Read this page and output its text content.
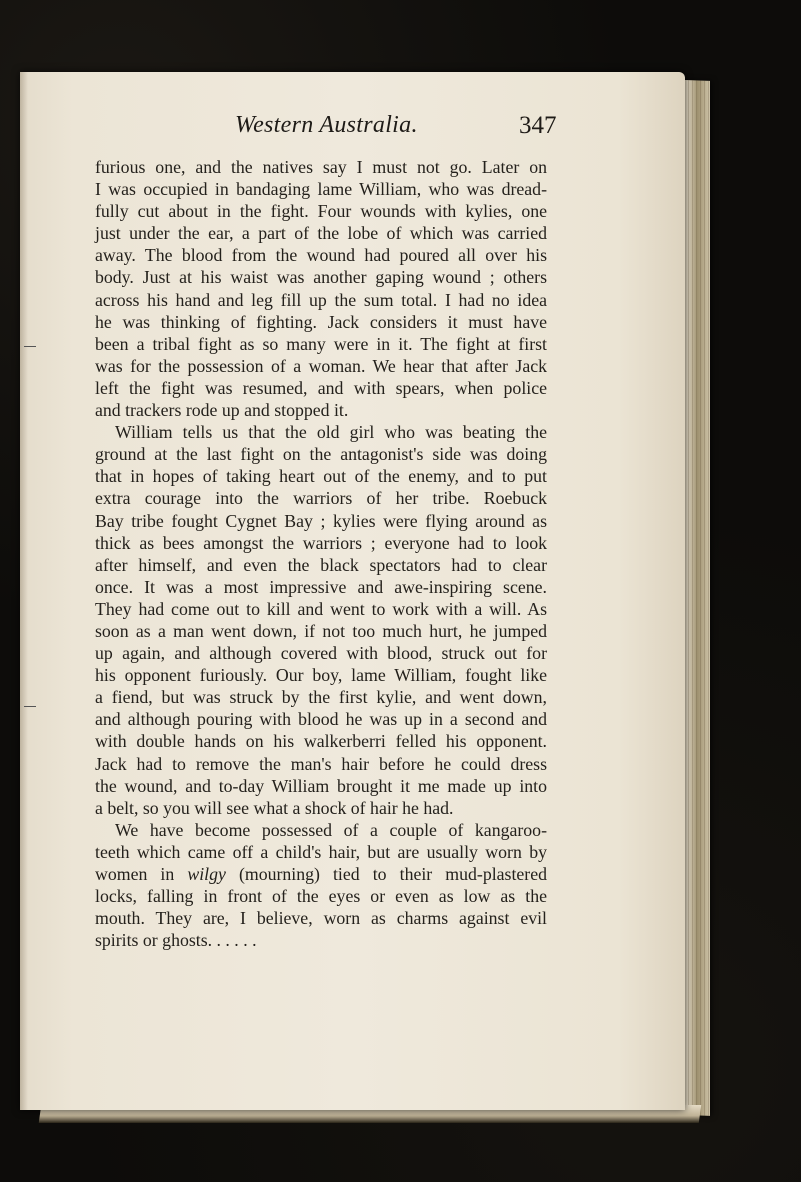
Western Australia.	347
furious one, and the natives say I must not go. Later on
I was occupied in bandaging lame William, who was dread-
fully cut about in the fight. Four wounds with kylies, one
just under the ear, a part of the lobe of which was carried
away. The blood from the wound had poured all over his
body. Just at his waist was another gaping wound ; others
across his hand and leg fill up the sum total. I had no idea
he was thinking of fighting. Jack considers it must have
been a tribal fight as so many were in it. The fight at first
was for the possession of a woman. We hear that after Jack
left the fight was resumed, and with spears, when police
and trackers rode up and stopped it.
William tells us that the old girl who was beating the
ground at the last fight on the antagonist's side was doing
that in hopes of taking heart out of the enemy, and to put
extra courage into the warriors of her tribe. Roebuck
Bay tribe fought Cygnet Bay ; kylies were flying around as
thick as bees amongst the warriors ; everyone had to look
after himself, and even the black spectators had to clear
once. It was a most impressive and awe-inspiring scene.
They had come out to kill and went to work with a will. As
soon as a man went down, if not too much hurt, he jumped
up again, and although covered with blood, struck out for
his opponent furiously. Our boy, lame William, fought like
a fiend, but was struck by the first kylie, and went down,
and although pouring with blood he was up in a second and
with double hands on his walkerberri felled his opponent.
Jack had to remove the man's hair before he could dress
the wound, and to-day William brought it me made up into
a belt, so you will see what a shock of hair he had.
We have become possessed of a couple of kangaroo-
teeth which came off a child's hair, but are usually worn by
women in wilgy (mourning) tied to their mud-plastered
locks, falling in front of the eyes or even as low as the
mouth. They are, I believe, worn as charms against evil
spirits or ghosts. . . . . .
